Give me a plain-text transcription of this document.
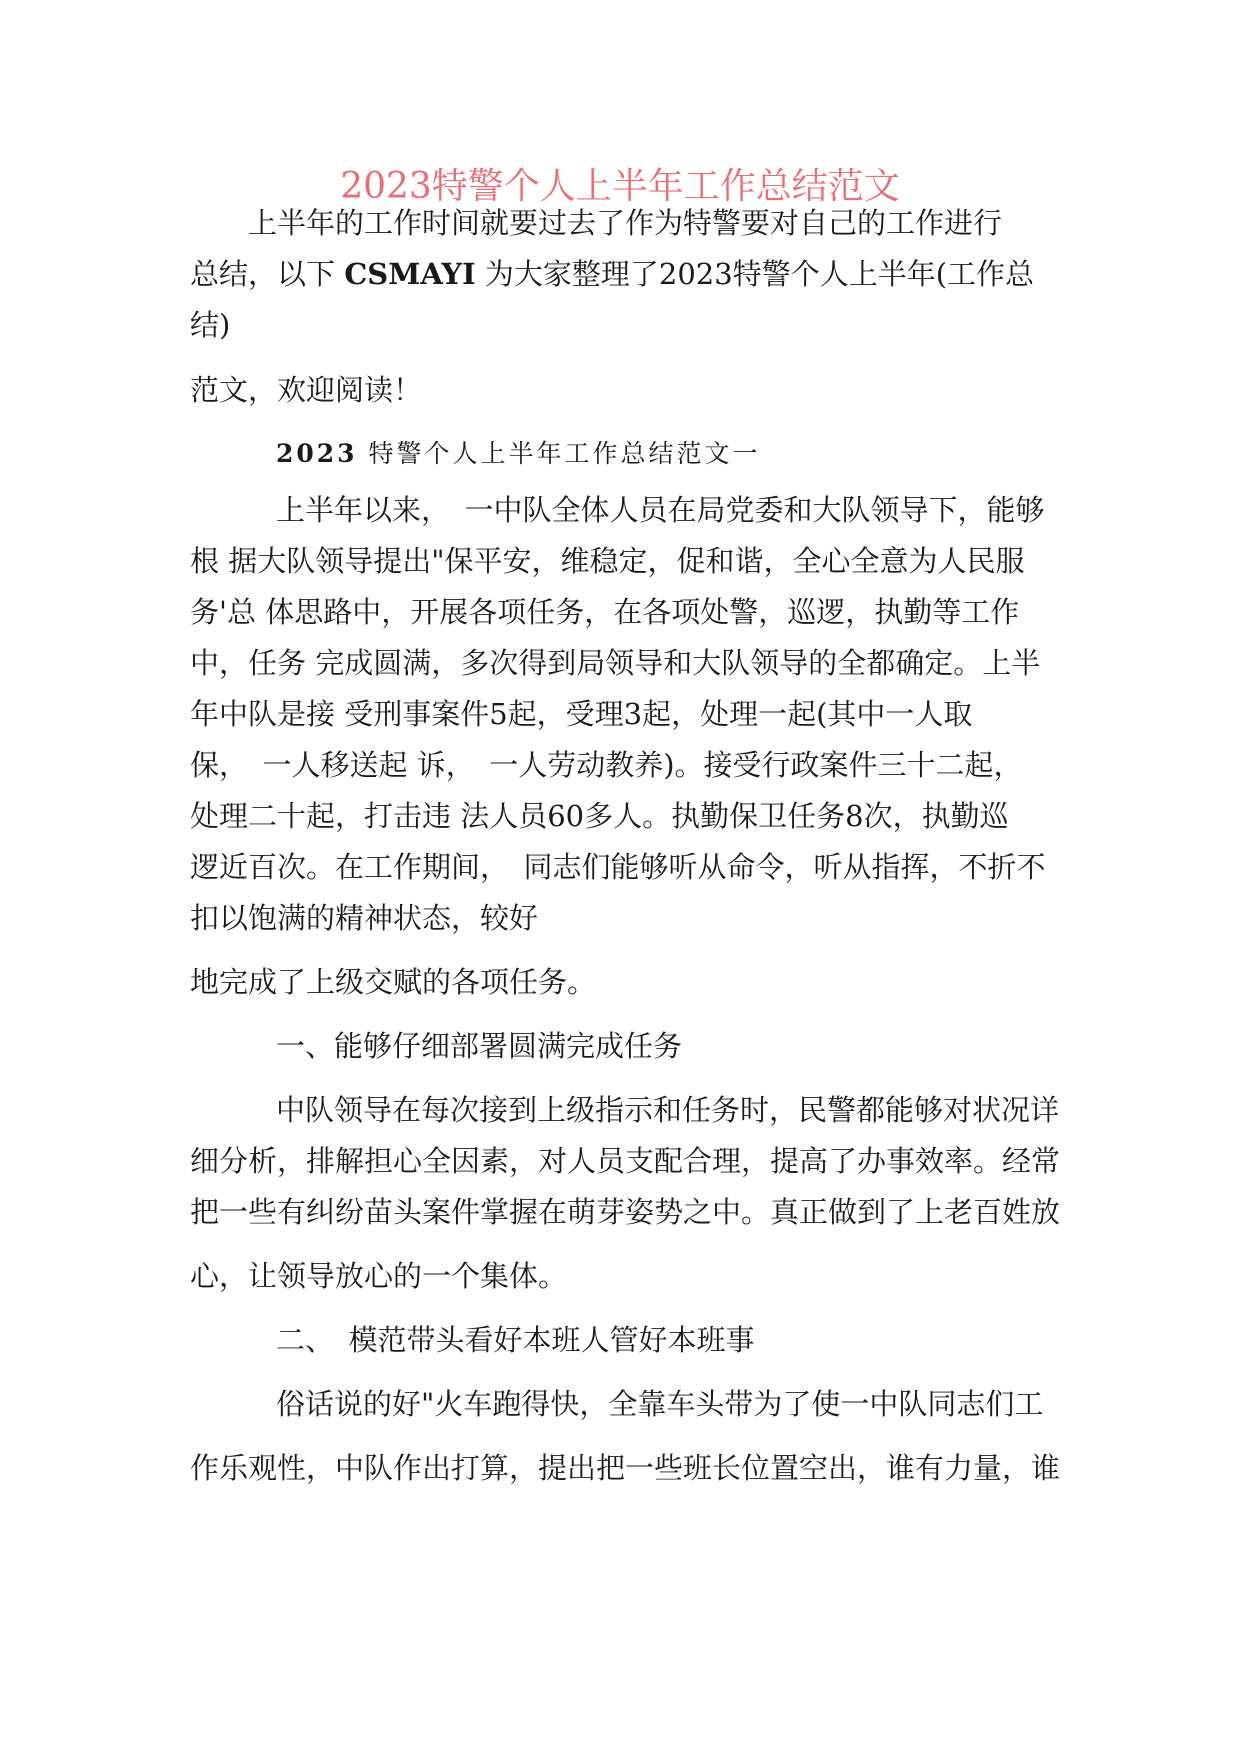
2023特警个人上半年工作总结范文
上半年的工作时间就要过去了作为特警要对自己的工作进行
总结，以下 CSMAYI 为大家整理了2023特警个人上半年(工作总
结)
范文，欢迎阅读！
2023 特警个人上半年工作总结范文一
上半年以来，　一中队全体人员在局党委和大队领导下，能够
根 据大队领导提出"保平安，维稳定，促和谐，全心全意为人民服
务'总 体思路中，开展各项任务，在各项处警，巡逻，执勤等工作
中，任务 完成圆满，多次得到局领导和大队领导的全都确定。上半
年中队是接 受刑事案件5起，受理3起，处理一起(其中一人取
保，　一人移送起 诉，　一人劳动教养)。接受行政案件三十二起，
处理二十起，打击违 法人员60多人。执勤保卫任务8次，执勤巡
逻近百次。在工作期间，　同志们能够听从命令，听从指挥，不折不
扣以饱满的精神状态，较好
地完成了上级交赋的各项任务。
一、能够仔细部署圆满完成任务
中队领导在每次接到上级指示和任务时，民警都能够对状况详
细分析，排解担心全因素，对人员支配合理，提高了办事效率。经常
把一些有纠纷苗头案件掌握在萌芽姿势之中。真正做到了上老百姓放
心，让领导放心的一个集体。
二、　模范带头看好本班人管好本班事
俗话说的好"火车跑得快，全靠车头带为了使一中队同志们工
作乐观性，中队作出打算，提出把一些班长位置空出，谁有力量，谁
